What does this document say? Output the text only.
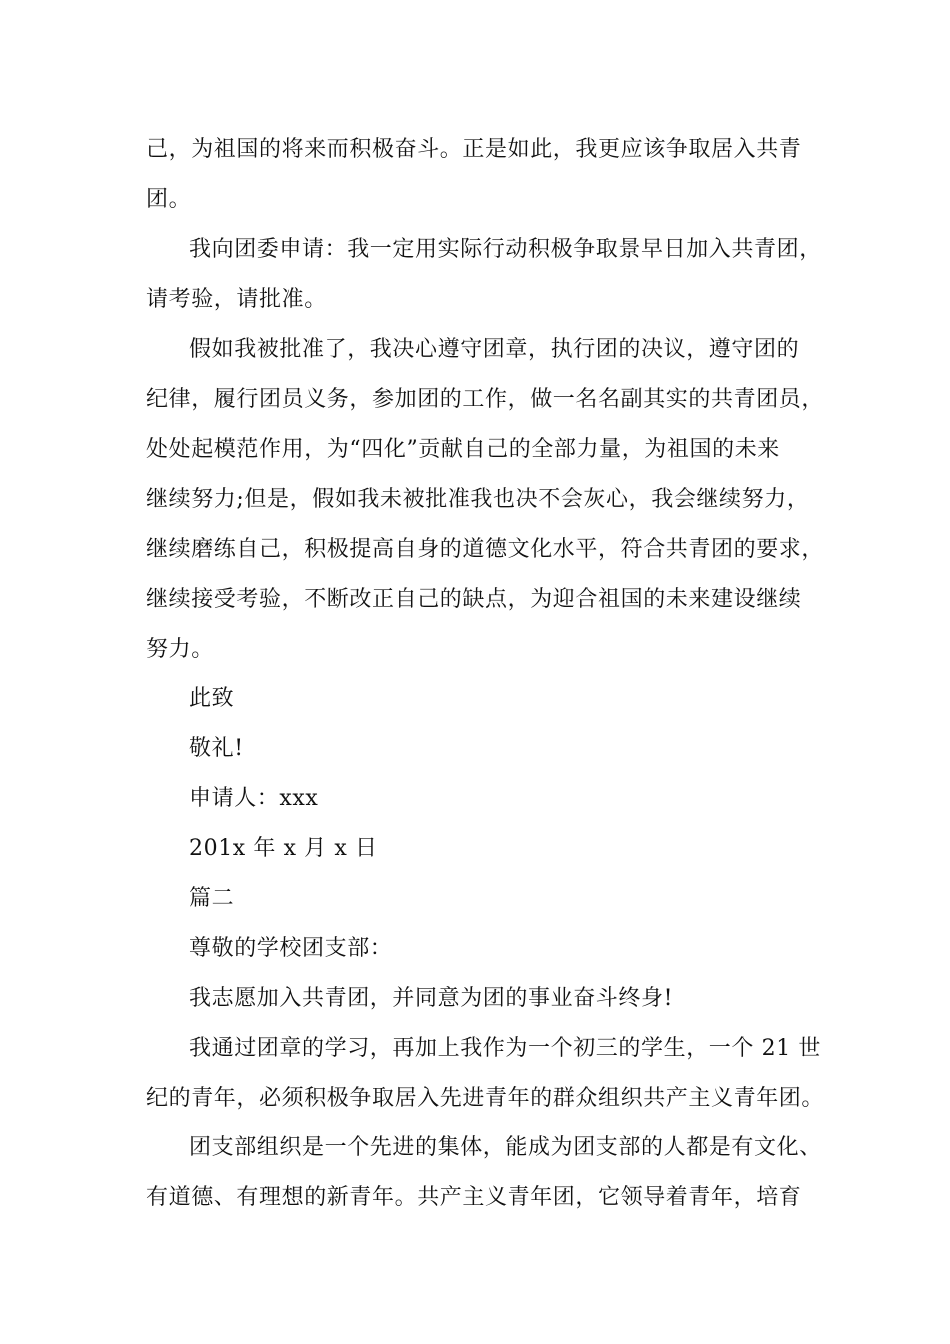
己，为祖国的将来而积极奋斗。正是如此，我更应该争取居入共青
团。
我向团委申请：我一定用实际行动积极争取景早日加入共青团，
请考验，请批准。
假如我被批准了，我决心遵守团章，执行团的决议，遵守团的
纪律，履行团员义务，参加团的工作，做一名名副其实的共青团员，
处处起模范作用，为“四化”贡献自己的全部力量，为祖国的未来
继续努力;但是，假如我未被批准我也决不会灰心，我会继续努力，
继续磨练自己，积极提高自身的道德文化水平，符合共青团的要求，
继续接受考验，不断改正自己的缺点，为迎合祖国的未来建设继续
努力。
此致
敬礼!
申请人：xxx
201x 年 x 月 x 日
篇二
尊敬的学校团支部：
我志愿加入共青团，并同意为团的事业奋斗终身!
我通过团章的学习，再加上我作为一个初三的学生，一个 21 世
纪的青年，必须积极争取居入先进青年的群众组织共产主义青年团。
团支部组织是一个先进的集体，能成为团支部的人都是有文化、
有道德、有理想的新青年。共产主义青年团，它领导着青年，培育
